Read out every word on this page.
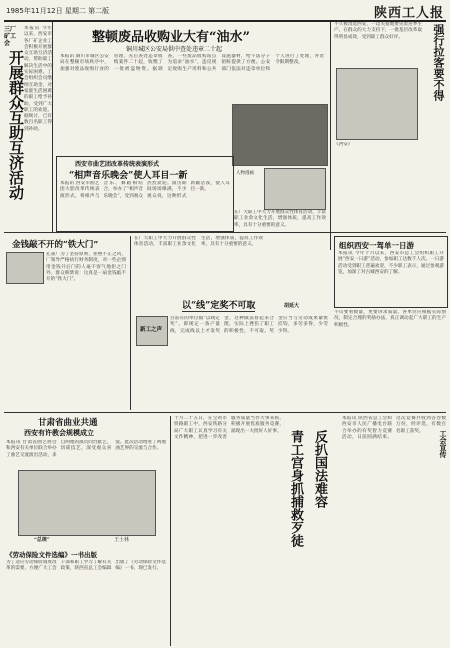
1985年11月12日 星期二 第二版	陕西工人报
三厂矿工会
开展群众互助互济活动
本报讯 今年以来，西安市各厂矿企业工会积极开展群众互助互济活动，帮助职工解决生活中的实际困难。工会组织会员缴纳互助金，对家庭生活困难的职工给予补助，受到广大职工的欢迎。据统计，已有数百名职工得到补助。
整顿废品收购业大有“油水”
铜川城区公安局供中查处违章二十起
本报讯 铜川市城区公安局在整顿市场秩序中，加强对废品收购行业的管理，先后查处违章收购案件二十起，收缴了一批被盗物资。据调查，一些废品收购站点为追求“油水”，违反规定收购生产用料和公共设施器材，给不法分子销赃提供了方便。公安部门依法对违章单位和个人进行了处理，并责令限期整改。
不久被改选西安，一边关爱地要见着连季生产。在群众的大力支持下，一批基层改革取得明显成效，受到职工群众好评。	强行拉客要不得
《西安》
西安市曲艺团改革传统表演形式
“相声音乐晚会”使人耳目一新
本报讯 西安市曲艺团大胆改革传统表演形式，将相声与音乐、舞蹈相结合，举办了“相声音乐晚会”，受到观众热烈欢迎。演出期间场场爆满，不少观众说，这种形式新颖活泼，使人耳目一新。
在广大职工中大力开展群众性体育活动，丰富职工业余文化生活，增强体质，提高工作效率，具有十分重要的意义。
人物漫画
金钱敲不开的“铁大门”
孔雀厂为了坚持原则，拒绝不正之风，厂领导严格执行财务制度，对一些企图用金钱开后门的人毫不客气地拒之门外。群众称赞说：这真是一扇金钱敲不开的“铁大门”。
在广大职工中大力开展群众性体育活动，丰富职工业余文化生活，增强体质，提高工作效率，具有十分重要的意义。	组织西安一驾单一日游
本报讯 今年十月以来，西安市总工会组织职工开展“西安一日游”活动，参加职工达数千人次。一日游活动受到职工普遍欢迎，不少职工表示，通过参观游览，加深了对古城西安的了解。
以“线”定奖不可取	胡延大
新工之声
目前有的单位搞“以线定奖”，即规定一条产量线，完成线以上才发奖金。这种做法看起来合理，实际上挫伤了职工的积极性，不可取。奖金应当与劳动成果紧密挂钩，多劳多得，少劳少得。
不仅要看数量，更要讲求质量。各单位应根据实际情况，制定合理的奖励办法，真正调动起广大职工的生产积极性。
甘肃省曲业共通
西安有许教会规模成立
本报讯 甘肃省曲艺协会和西安有关单位联合举办了曲艺交流演出活动，来自两地的演员同台献艺，切磋技艺，深受观众喜爱。此次活动增进了两地曲艺界的交流与合作。
“总统”	王士林
《劳动保险文件选编》一书出版
为了适应劳动保险制度改革的需要，方便广大工会干部和职工学习了解有关政策，陕西省总工会编辑出版了《劳动保险文件选编》一书，现已发行。
十月二十五日，在宝鸡市铁路职工中，西安铁路分局广大职工认真学习有关文件精神，把进一步改善服务质量当作大事来抓，积极开展优质服务竞赛，涌现出一大批好人好事。 青工宫身抓捕救歹徒 反扒国法难容
本报讯 陕西省总工会和西安市人民广播电台联合举办的有奖智力竞赛活动，日前圆满结束。这次竞赛共收到答卷数万份，经评选，有数百名职工获奖。	工会宣传
